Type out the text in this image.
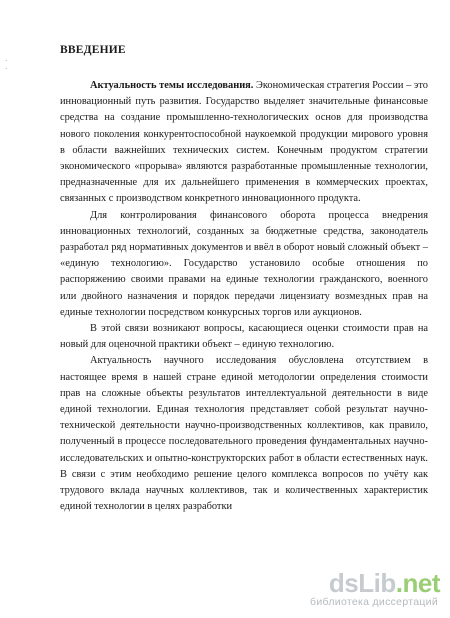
·
·
ВВЕДЕНИЕ

Актуальность темы исследования. Экономическая стратегия России – это инновационный путь развития. Государство выделяет значительные финансовые средства на создание промышленно-технологических основ для производства нового поколения конкурентоспособной наукоемкой продукции мирового уровня в области важнейших технических систем. Конечным продуктом стратегии экономического «прорыва» являются разработанные промышленные технологии, предназначенные для их дальнейшего применения в коммерческих проектах, связанных с производством конкретного инновационного продукта.

Для контролирования финансового оборота процесса внедрения инновационных технологий, созданных за бюджетные средства, законодатель разработал ряд нормативных документов и ввёл в оборот новый сложный объект – «единую технологию». Государство установило особые отношения по распоряжению своими правами на единые технологии гражданского, военного или двойного назначения и порядок передачи лицензиату возмездных прав на единые технологии посредством конкурсных торгов или аукционов.

В этой связи возникают вопросы, касающиеся оценки стоимости прав на новый для оценочной практики объект – единую технологию.

Актуальность научного исследования обусловлена отсутствием в настоящее время в нашей стране единой методологии определения стоимости прав на сложные объекты результатов интеллектуальной деятельности в виде единой технологии. Единая технология представляет собой результат научно-технической деятельности научно-производственных коллективов, как правило, полученный в процессе последовательного проведения фундаментальных научно-исследовательских и опытно-конструкторских работ в области естественных наук. В связи с этим необходимо решение целого комплекса вопросов по учёту как трудового вклада научных коллективов, так и количественных характеристик единой технологии в целях разработки

dsLib.net
библиотека диссертаций
